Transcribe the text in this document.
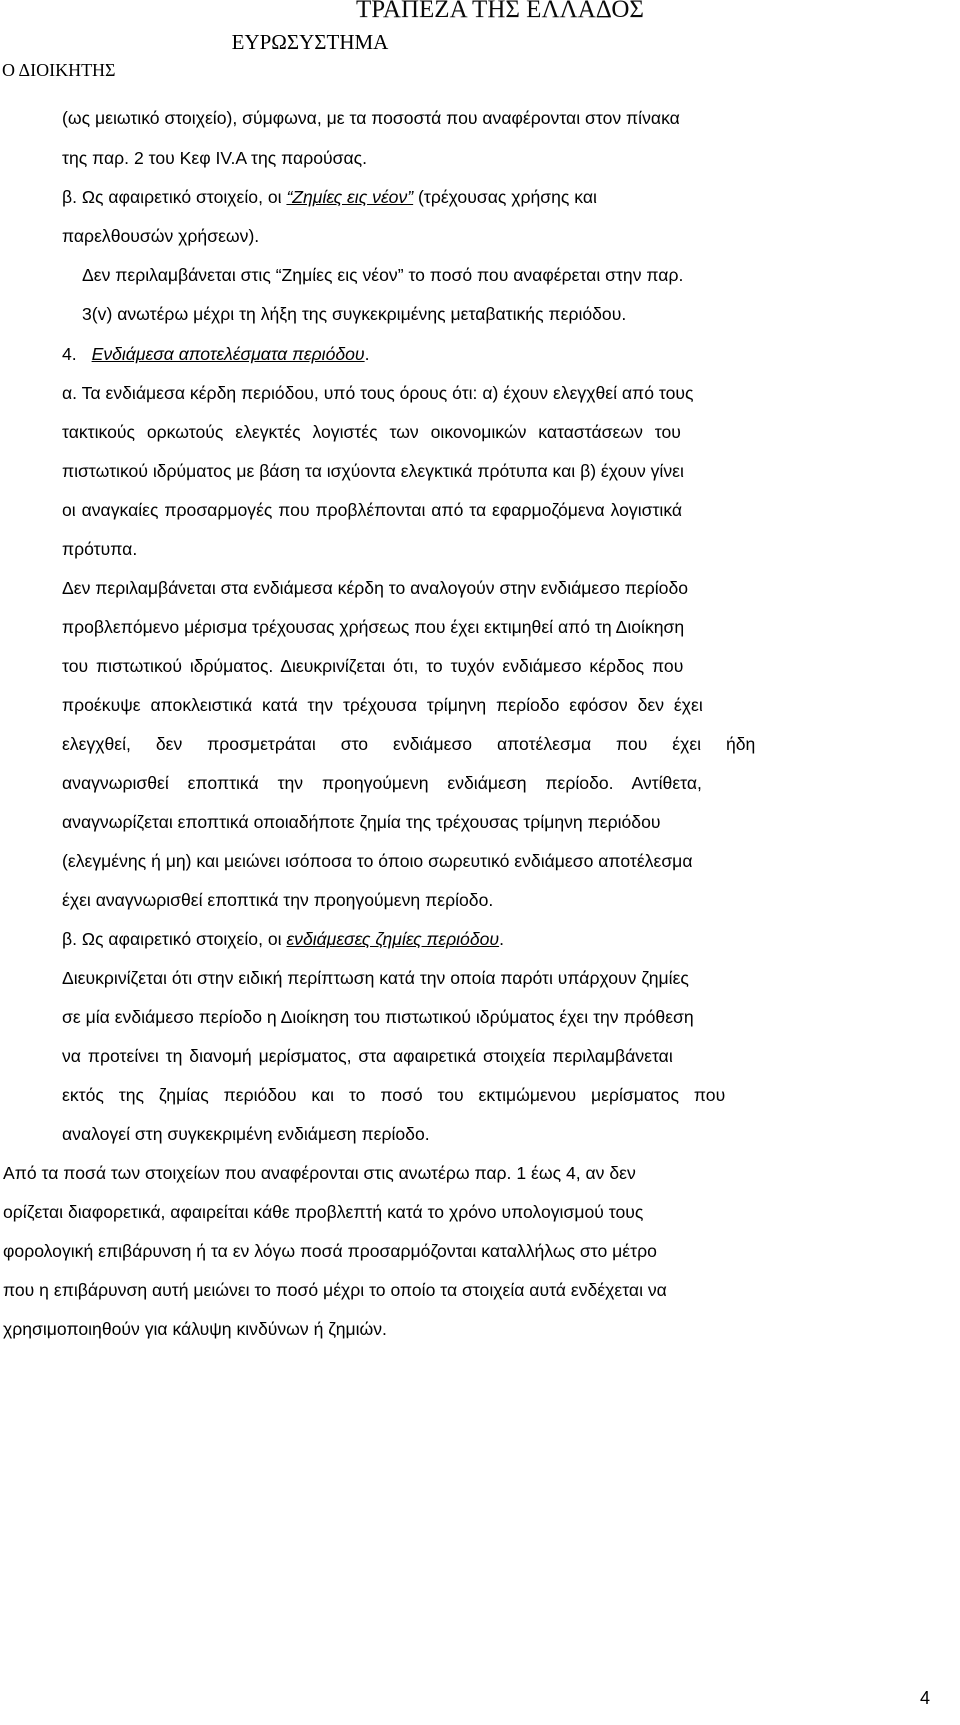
ΤΡΑΠΕΖΑ ΤΗΣ ΕΛΛΑΔΟΣ
ΕΥΡΩΣΥΣΤΗΜΑ
Ο ΔΙΟΙΚΗΤΗΣ
(ως μειωτικό στοιχείο), σύμφωνα, με τα ποσοστά που αναφέρονται στον πίνακα
της παρ. 2 του Κεφ IV.A της παρούσας.
β. Ως αφαιρετικό στοιχείο, οι “Ζημίες εις νέον” (τρέχουσας χρήσης και
παρελθουσών χρήσεων).
Δεν περιλαμβάνεται στις “Ζημίες εις νέον” το ποσό που αναφέρεται στην παρ.
3(v) ανωτέρω μέχρι τη λήξη της συγκεκριμένης μεταβατικής περιόδου.
4. Ενδιάμεσα αποτελέσματα περιόδου.
α. Τα ενδιάμεσα κέρδη περιόδου, υπό τους όρους ότι: α) έχουν ελεγχθεί από τους
τακτικούς ορκωτούς ελεγκτές λογιστές των οικονομικών καταστάσεων του
πιστωτικού ιδρύματος με βάση τα ισχύοντα ελεγκτικά πρότυπα και β) έχουν γίνει
οι αναγκαίες προσαρμογές που προβλέπονται από τα εφαρμοζόμενα λογιστικά
πρότυπα.
Δεν περιλαμβάνεται στα ενδιάμεσα κέρδη το αναλογούν στην ενδιάμεσο περίοδο
προβλεπόμενο μέρισμα τρέχουσας χρήσεως που έχει εκτιμηθεί από τη Διοίκηση
του πιστωτικού ιδρύματος. Διευκρινίζεται ότι, το τυχόν ενδιάμεσο κέρδος που
προέκυψε αποκλειστικά κατά την τρέχουσα τρίμηνη περίοδο εφόσον δεν έχει
ελεγχθεί, δεν προσμετράται στο ενδιάμεσο αποτέλεσμα που έχει ήδη
αναγνωρισθεί εποπτικά την προηγούμενη ενδιάμεση περίοδο. Αντίθετα,
αναγνωρίζεται εποπτικά οποιαδήποτε ζημία της τρέχουσας τρίμηνη περιόδου
(ελεγμένης ή μη) και μειώνει ισόποσα το όποιο σωρευτικό ενδιάμεσο αποτέλεσμα
έχει αναγνωρισθεί εποπτικά την προηγούμενη περίοδο.
β. Ως αφαιρετικό στοιχείο, οι ενδιάμεσες ζημίες περιόδου.
Διευκρινίζεται ότι στην ειδική περίπτωση κατά την οποία παρότι υπάρχουν ζημίες
σε μία ενδιάμεσο περίοδο η Διοίκηση του πιστωτικού ιδρύματος έχει την πρόθεση
να προτείνει τη διανομή μερίσματος, στα αφαιρετικά στοιχεία περιλαμβάνεται
εκτός της ζημίας περιόδου και το ποσό του εκτιμώμενου μερίσματος που
αναλογεί στη συγκεκριμένη ενδιάμεση περίοδο.
Από τα ποσά των στοιχείων που αναφέρονται στις ανωτέρω παρ. 1 έως 4, αν δεν
ορίζεται διαφορετικά, αφαιρείται κάθε προβλεπτή κατά το χρόνο υπολογισμού τους
φορολογική επιβάρυνση ή τα εν λόγω ποσά προσαρμόζονται καταλλήλως στο μέτρο
που η επιβάρυνση αυτή μειώνει το ποσό μέχρι το οποίο τα στοιχεία αυτά ενδέχεται να
χρησιμοποιηθούν για κάλυψη κινδύνων ή ζημιών.
4
